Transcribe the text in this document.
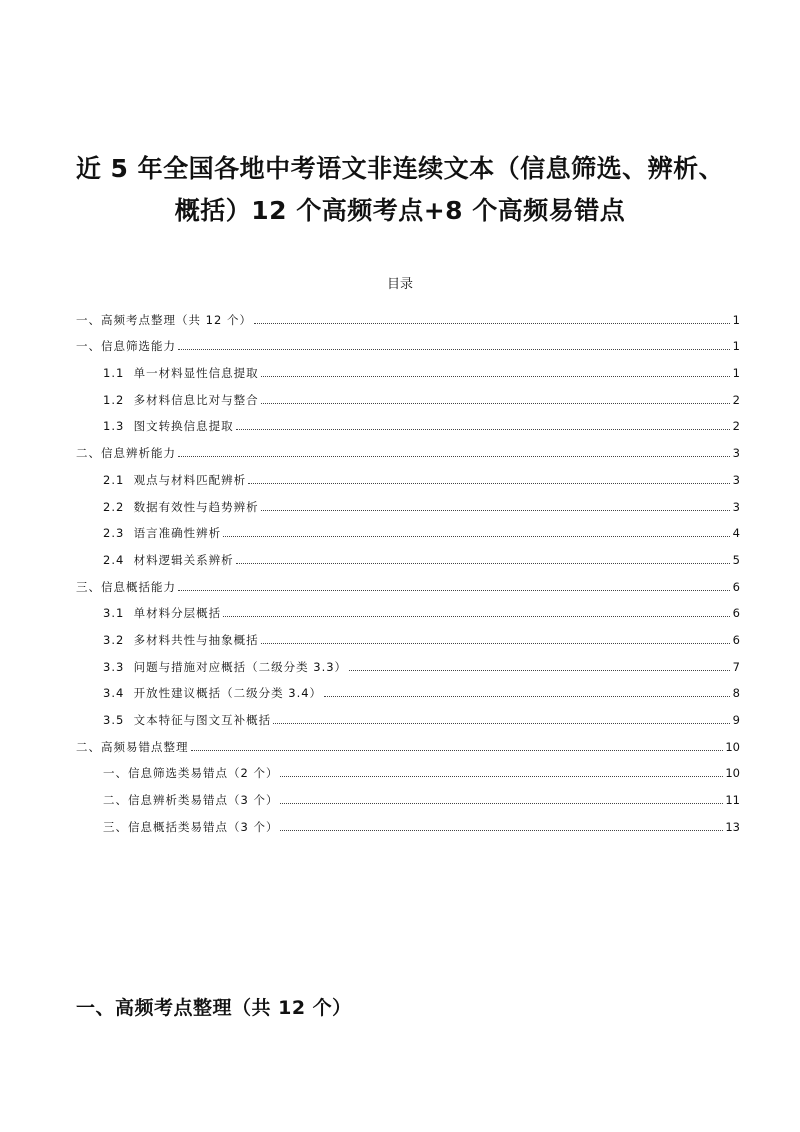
近 5 年全国各地中考语文非连续文本（信息筛选、辨析、概括）12 个高频考点+8 个高频易错点
目录
一、高频考点整理（共 12 个）	1
一、信息筛选能力	1
1.1  单一材料显性信息提取	1
1.2  多材料信息比对与整合	2
1.3  图文转换信息提取	2
二、信息辨析能力	3
2.1  观点与材料匹配辨析	3
2.2  数据有效性与趋势辨析	3
2.3  语言准确性辨析	4
2.4  材料逻辑关系辨析	5
三、信息概括能力	6
3.1  单材料分层概括	6
3.2  多材料共性与抽象概括	6
3.3  问题与措施对应概括（二级分类 3.3）	7
3.4  开放性建议概括（二级分类 3.4）	8
3.5  文本特征与图文互补概括	9
二、高频易错点整理	10
一、信息筛选类易错点（2 个）	10
二、信息辨析类易错点（3 个）	11
三、信息概括类易错点（3 个）	13
一、高频考点整理（共 12 个）
